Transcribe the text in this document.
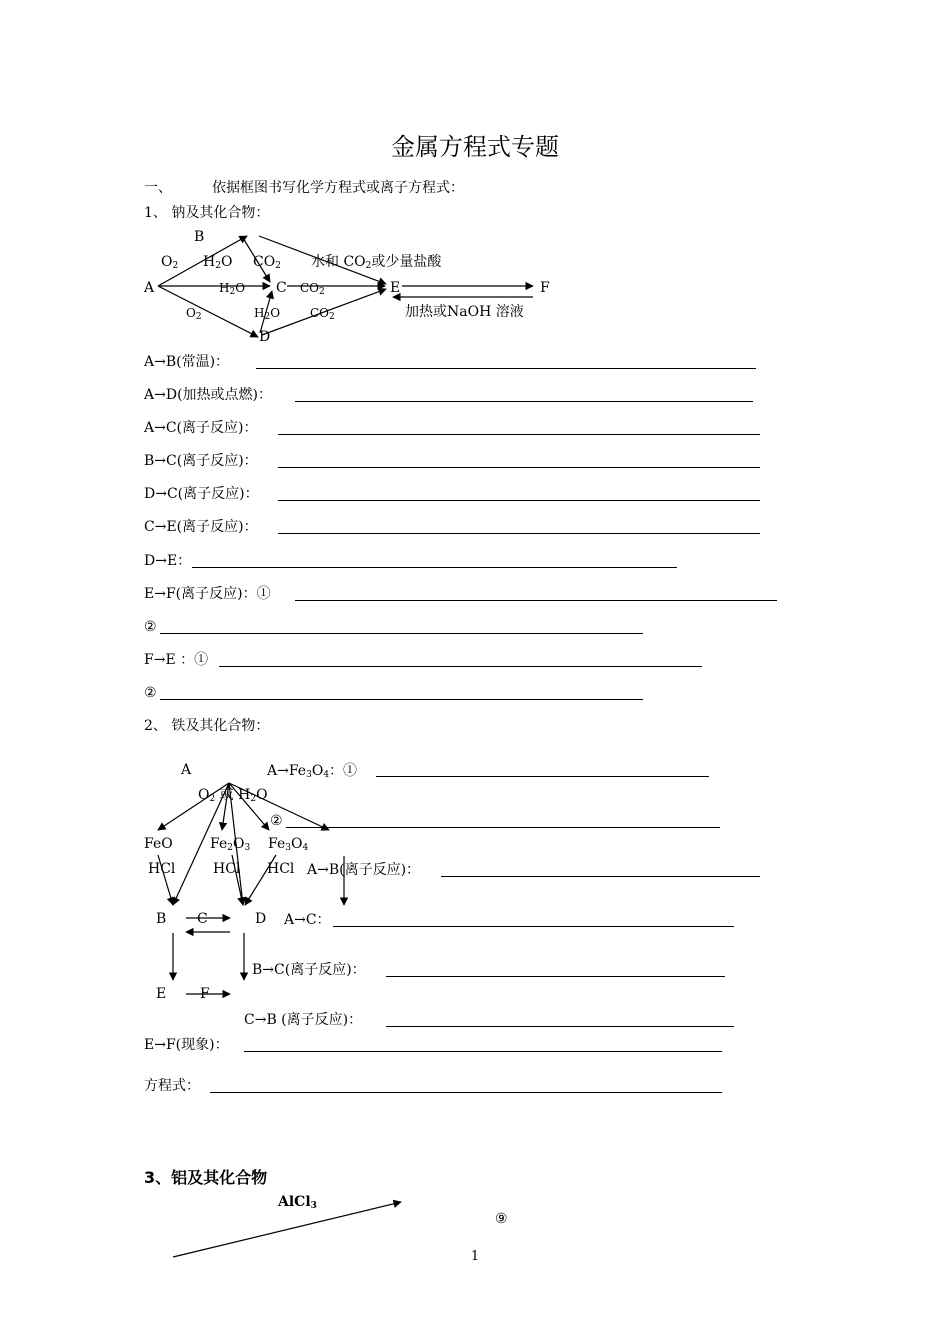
金属方程式专题
一、	依据框图书写化学方程式或离子方程式：
1、 钠及其化合物：
B
$O_2$ $H_2O$ $CO_2$ 水和 $CO_2$或少量盐酸
A	$H_2O$ C $CO_2$	E	F
$O_2$	$H_2O$ $CO_2$	加热或NaOH 溶液
D
A→B(常温)：
A→D(加热或点燃)：
A→C(离子反应)：
B→C(离子反应)：
D→C(离子反应)：
C→E(离子反应)：
D→E：
E→F(离子反应)：①
②
F→E ：①
②
2、 铁及其化合物：
A
$O_2$ 或 $H_2O$
FeO	$Fe_2O_3$ $Fe_3O_4$
HCl	HCl HCl
B C	D
E F
$A\to Fe_3O_4$：①
②
A→B(离子反应)：
A→C：
B→C(离子反应)：
C→B (离子反应)：
E→F(现象)：
方程式：
3、铝及其化合物
AlCl$_3$
⑨
1
